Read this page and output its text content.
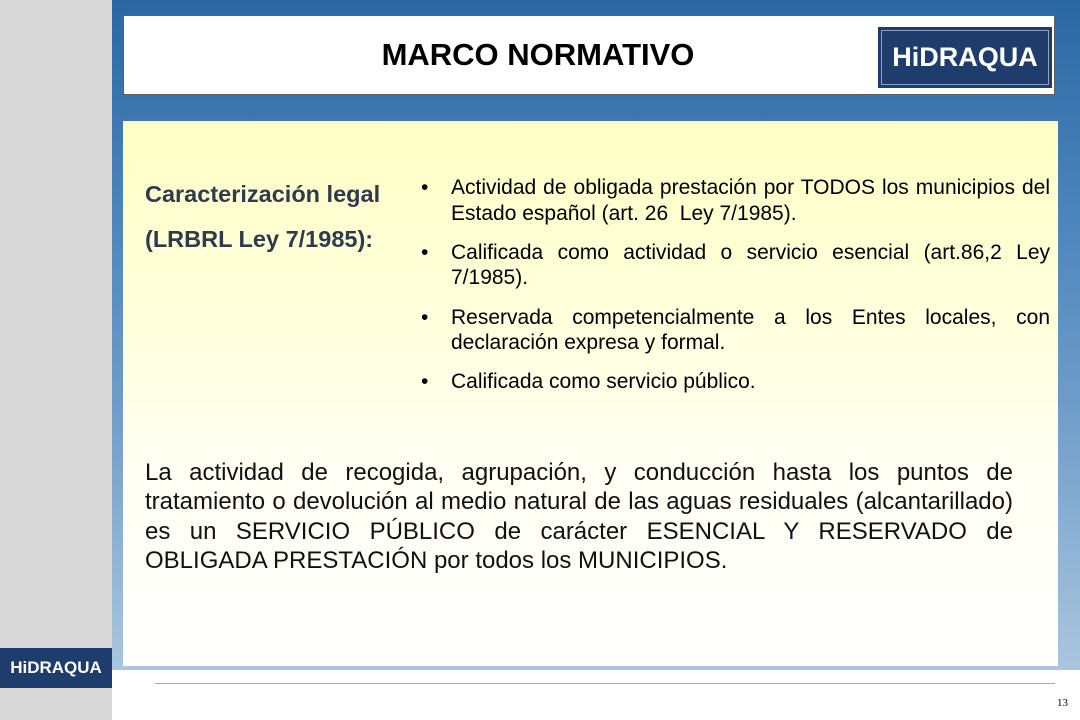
HiDRAQUA
MARCO NORMATIVO	HiDRAQUA
Caracterización legal
(LRBRL Ley 7/1985):
• Actividad de obligada prestación por TODOS los municipios del Estado español (art. 26  Ley 7/1985).
• Calificada como actividad o servicio esencial (art.86,2 Ley 7/1985).
• Reservada competencialmente a los Entes locales, con declaración expresa y formal.
• Calificada como servicio público.

La actividad de recogida, agrupación, y conducción hasta los puntos de tratamiento o devolución al medio natural de las aguas residuales (alcantarillado) es un SERVICIO PÚBLICO de carácter ESENCIAL Y RESERVADO de OBLIGADA PRESTACIÓN por todos los MUNICIPIOS.

13
